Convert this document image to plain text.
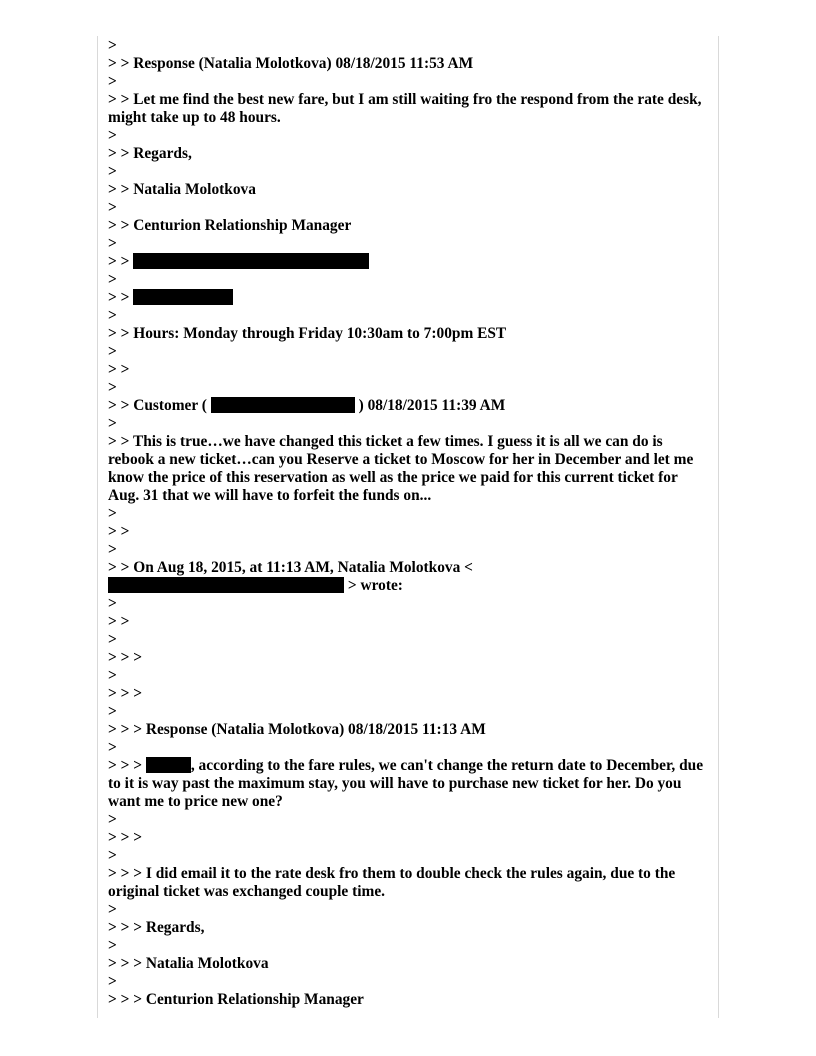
>
> > Response (Natalia Molotkova) 08/18/2015 11:53 AM
>
> > Let me find the best new fare, but I am still waiting fro the respond from the rate desk, might take up to 48 hours.
>
> > Regards,
>
> > Natalia Molotkova
>
> > Centurion Relationship Manager
>
> >
>
> >
>
> > Hours: Monday through Friday 10:30am to 7:00pm EST
>
> >
>
> > Customer (	) 08/18/2015 11:39 AM
>
> > This is true…we have changed this ticket a few times. I guess it is all we can do is rebook a new ticket…can you Reserve a ticket to Moscow for her in December and let me know the price of this reservation as well as the price we paid for this current ticket for Aug. 31 that we will have to forfeit the funds on...
>
> >
>
> > On Aug 18, 2015, at 11:13 AM, Natalia Molotkova <
> wrote:
>
> >
>
> > >
>
> > >
>
> > > Response (Natalia Molotkova) 08/18/2015 11:13 AM
>
> > >	, according to the fare rules, we can't change the return date to December, due to it is way past the maximum stay, you will have to purchase new ticket for her. Do you want me to price new one?
>
> > >
>
> > > I did email it to the rate desk fro them to double check the rules again, due to the original ticket was exchanged couple time.
>
> > > Regards,
>
> > > Natalia Molotkova
>
> > > Centurion Relationship Manager
